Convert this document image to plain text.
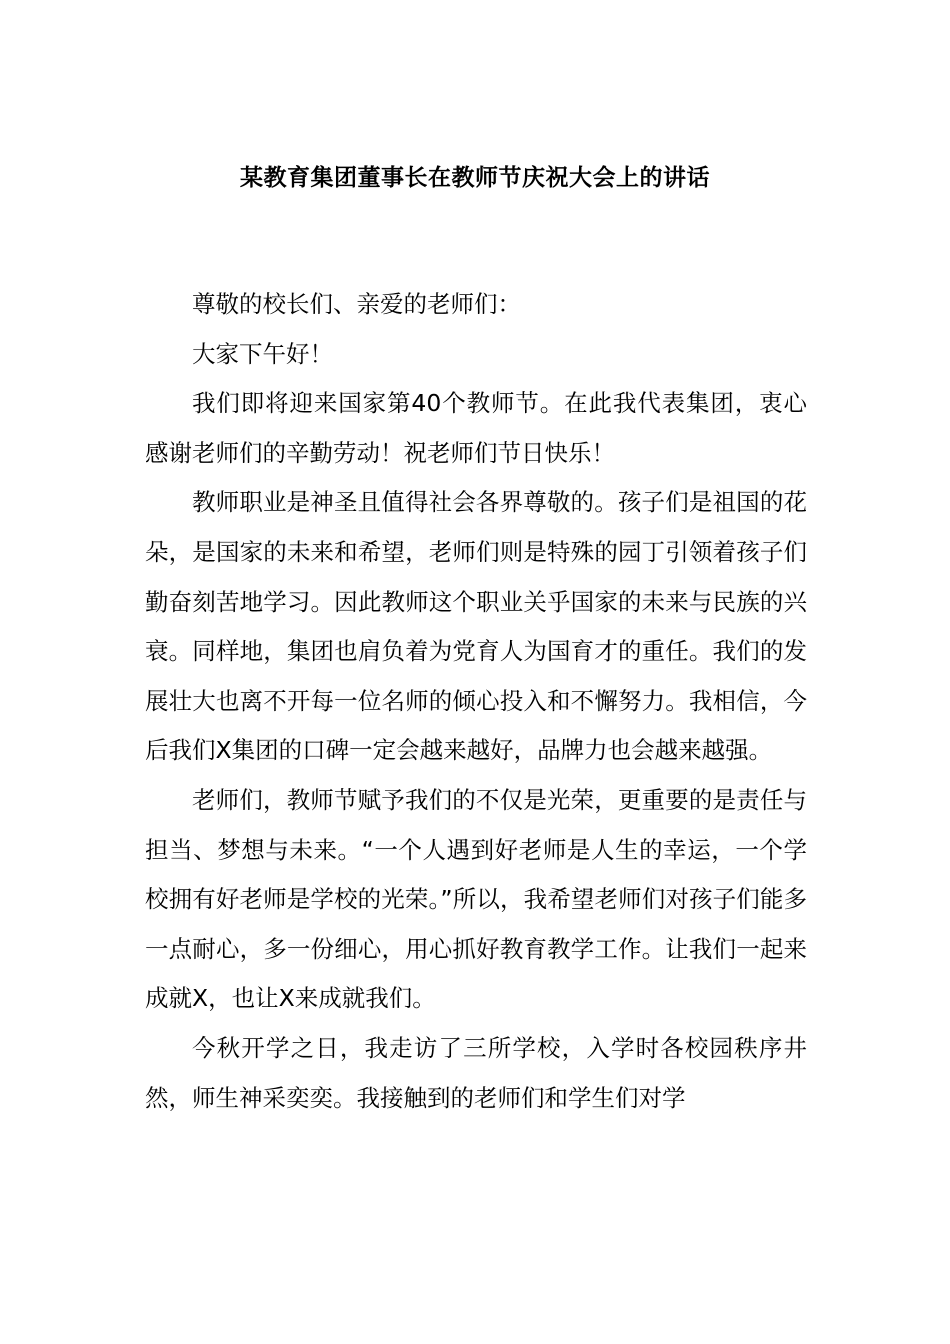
某教育集团董事长在教师节庆祝大会上的讲话

尊敬的校长们、亲爱的老师们：

大家下午好！

我们即将迎来国家第40个教师节。在此我代表集团，衷心感谢老师们的辛勤劳动！祝老师们节日快乐！

教师职业是神圣且值得社会各界尊敬的。孩子们是祖国的花朵，是国家的未来和希望，老师们则是特殊的园丁引领着孩子们勤奋刻苦地学习。因此教师这个职业关乎国家的未来与民族的兴衰。同样地，集团也肩负着为党育人为国育才的重任。我们的发展壮大也离不开每一位名师的倾心投入和不懈努力。我相信，今后我们X集团的口碑一定会越来越好，品牌力也会越来越强。

老师们，教师节赋予我们的不仅是光荣，更重要的是责任与担当、梦想与未来。“一个人遇到好老师是人生的幸运，一个学校拥有好老师是学校的光荣。”所以，我希望老师们对孩子们能多一点耐心，多一份细心，用心抓好教育教学工作。让我们一起来成就X，也让X来成就我们。

今秋开学之日，我走访了三所学校，入学时各校园秩序井然，师生神采奕奕。我接触到的老师们和学生们对学
